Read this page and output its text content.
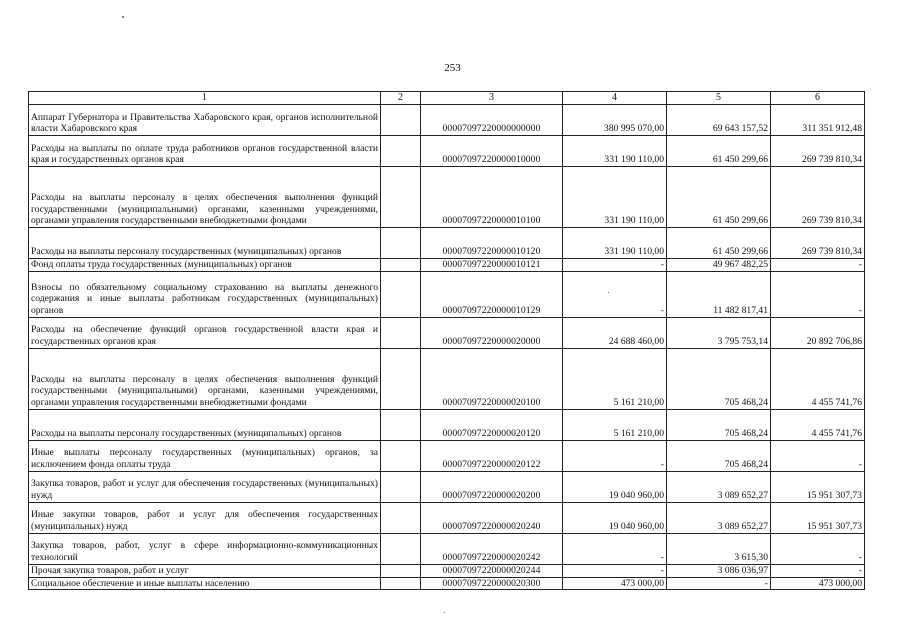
253
1	2	3	4	5	6
Аппарат Губернатора и Правительства Хабаровского края, органов исполнительной власти Хабаровского края		00007097220000000000	380 995 070,00	69 643 157,52	311 351 912,48
Расходы на выплаты по оплате труда работников органов государственной власти края и государственных органов края		00007097220000010000	331 190 110,00	61 450 299,66	269 739 810,34
Расходы на выплаты персоналу в целях обеспечения выполнения функций государственными (муниципальными) органами, казенными учреждениями, органами управления государственными внебюджетными фондами		00007097220000010100	331 190 110,00	61 450 299,66	269 739 810,34
Расходы на выплаты персоналу государственных (муниципальных) органов		00007097220000010120	331 190 110,00	61 450 299,66	269 739 810,34
Фонд оплаты труда государственных (муниципальных) органов		00007097220000010121	-	49 967 482,25	-
Взносы по обязательному социальному страхованию на выплаты денежного содержания и иные выплаты работникам государственных (муниципальных) органов		00007097220000010129	-	11 482 817,41	-
Расходы на обеспечение функций органов государственной власти края и государственных органов края		00007097220000020000	24 688 460,00	3 795 753,14	20 892 706,86
Расходы на выплаты персоналу в целях обеспечения выполнения функций государственными (муниципальными) органами, казенными учреждениями, органами управления государственными внебюджетными фондами		00007097220000020100	5 161 210,00	705 468,24	4 455 741,76
Расходы на выплаты персоналу государственных (муниципальных) органов		00007097220000020120	5 161 210,00	705 468,24	4 455 741,76
Иные выплаты персоналу государственных (муниципальных) органов, за исключением фонда оплаты труда		00007097220000020122	-	705 468,24	-
Закупка товаров, работ и услуг для обеспечения государственных (муниципальных) нужд		00007097220000020200	19 040 960,00	3 089 652,27	15 951 307,73
Иные закупки товаров, работ и услуг для обеспечения государственных (муниципальных) нужд		00007097220000020240	19 040 960,00	3 089 652,27	15 951 307,73
Закупка товаров, работ, услуг в сфере информационно-коммуникационных технологий		00007097220000020242	-	3 615,30	-
Прочая закупка товаров, работ и услуг		00007097220000020244	-	3 086 036,97	-
Социальное обеспечение и иные выплаты населению		00007097220000020300	473 000,00	-	473 000,00
